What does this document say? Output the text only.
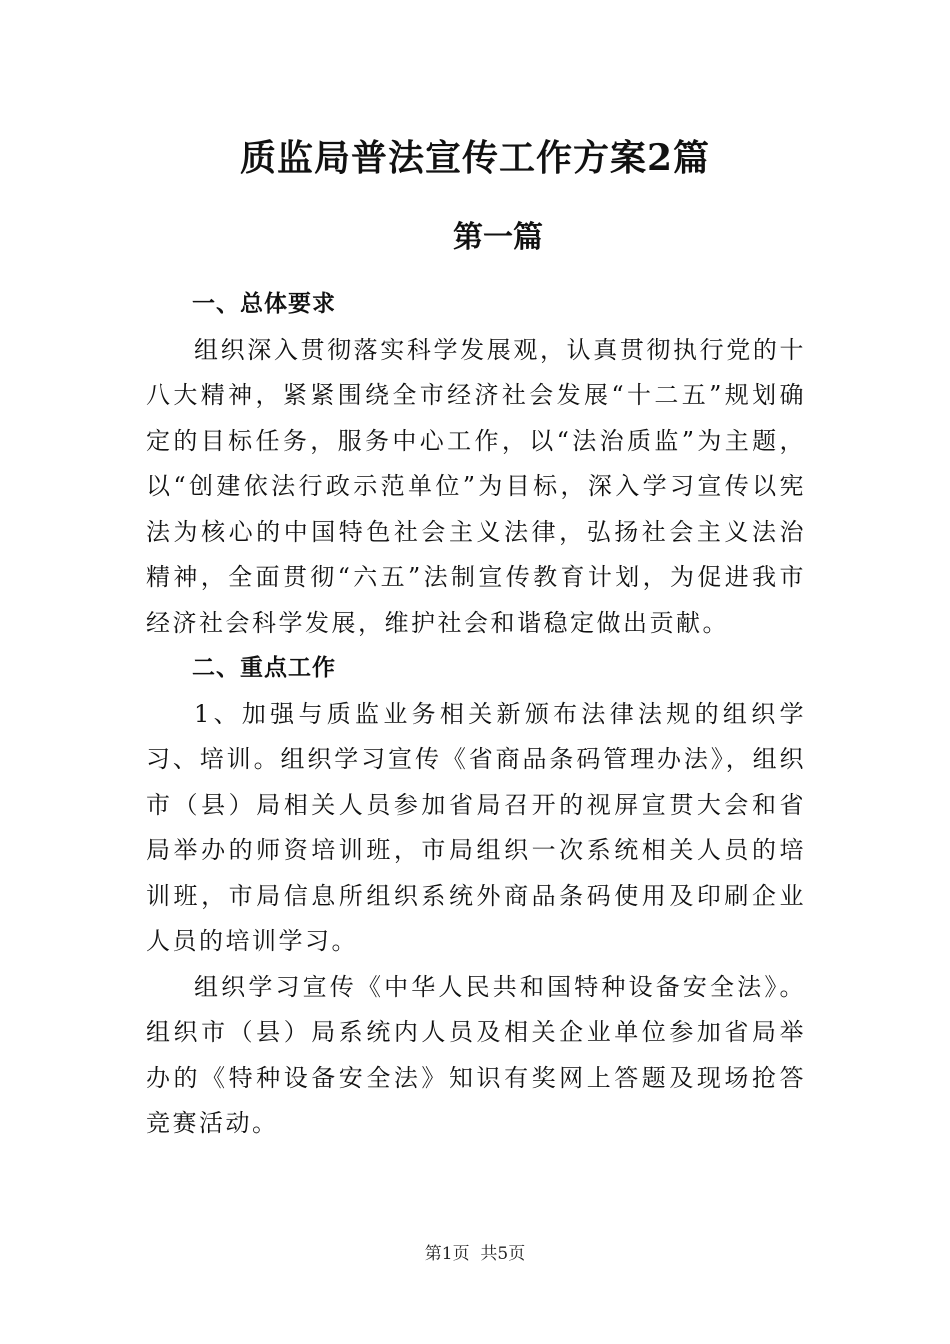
质监局普法宣传工作方案2篇
第一篇

一、总体要求

组织深入贯彻落实科学发展观，认真贯彻执行党的十八大精神，紧紧围绕全市经济社会发展“十二五”规划确定的目标任务，服务中心工作，以“法治质监”为主题，以“创建依法行政示范单位”为目标，深入学习宣传以宪法为核心的中国特色社会主义法律，弘扬社会主义法治精神，全面贯彻“六五”法制宣传教育计划，为促进我市经济社会科学发展，维护社会和谐稳定做出贡献。

二、重点工作

1、加强与质监业务相关新颁布法律法规的组织学习、培训。组织学习宣传《省商品条码管理办法》，组织市（县）局相关人员参加省局召开的视屏宣贯大会和省局举办的师资培训班，市局组织一次系统相关人员的培训班，市局信息所组织系统外商品条码使用及印刷企业人员的培训学习。

组织学习宣传《中华人民共和国特种设备安全法》。组织市（县）局系统内人员及相关企业单位参加省局举办的《特种设备安全法》知识有奖网上答题及现场抢答竞赛活动。

第1页  共5页
